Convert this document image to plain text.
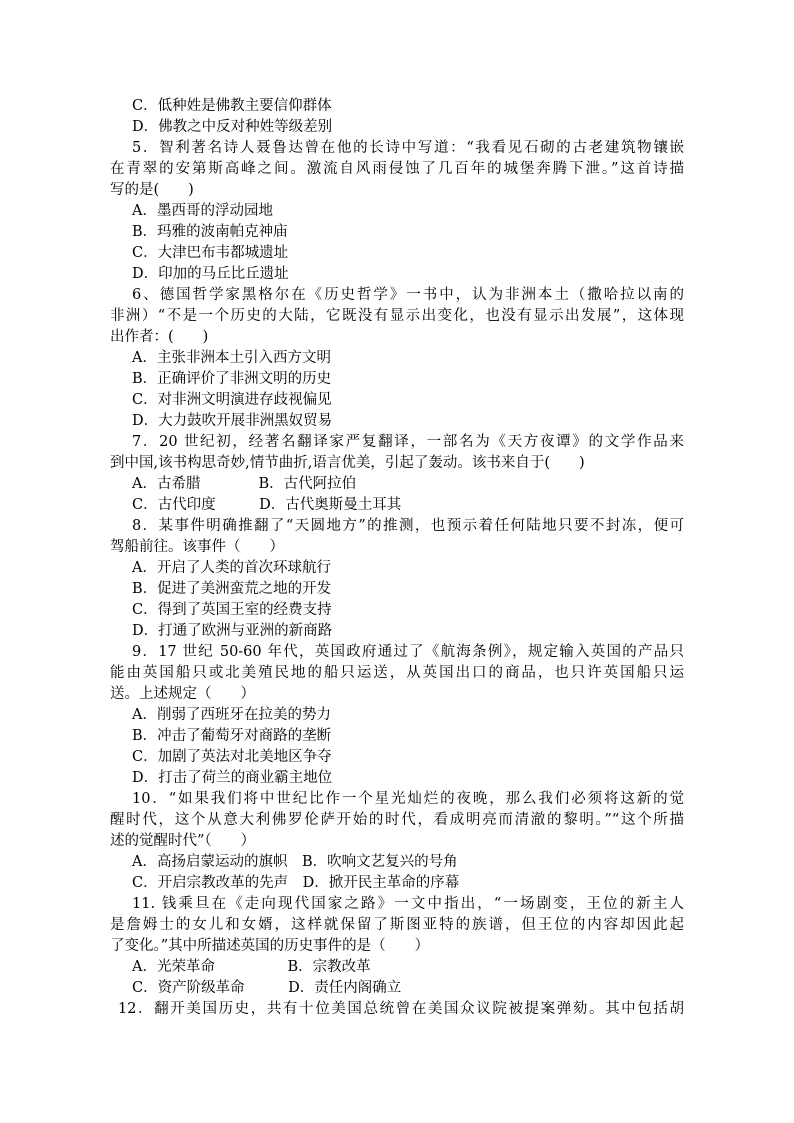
C．低种姓是佛教主要信仰群体
D．佛教之中反对种姓等级差别
5．智利著名诗人聂鲁达曾在他的长诗中写道：“我看见石砌的古老建筑物镶嵌
在青翠的安第斯高峰之间。激流自风雨侵蚀了几百年的城堡奔腾下泄。”这首诗描
写的是(　　)
A．墨西哥的浮动园地
B．玛雅的波南帕克神庙
C．大津巴布韦都城遗址
D．印加的马丘比丘遗址
6、德国哲学家黑格尔在《历史哲学》一书中，认为非洲本土（撒哈拉以南的
非洲）“不是一个历史的大陆，它既没有显示出变化，也没有显示出发展”，这体现
出作者：(　　)
A．主张非洲本土引入西方文明
B．正确评价了非洲文明的历史
C．对非洲文明演进存歧视偏见
D．大力鼓吹开展非洲黑奴贸易
7．20 世纪初，经著名翻译家严复翻译，一部名为《天方夜谭》的文学作品来
到中国,该书构思奇妙,情节曲折,语言优美，引起了轰动。该书来自于(　　)
A．古希腊　　　　B．古代阿拉伯
C．古代印度　　　D．古代奥斯曼土耳其
8．某事件明确推翻了“天圆地方”的推测，也预示着任何陆地只要不封冻，便可
驾船前往。该事件（　　）
A．开启了人类的首次环球航行
B．促进了美洲蛮荒之地的开发
C．得到了英国王室的经费支持
D．打通了欧洲与亚洲的新商路
9．17 世纪 50-60 年代，英国政府通过了《航海条例》，规定输入英国的产品只
能由英国船只或北美殖民地的船只运送，从英国出口的商品，也只许英国船只运
送。上述规定（　　）
A．削弱了西班牙在拉美的势力
B．冲击了葡萄牙对商路的垄断
C．加剧了英法对北美地区争夺
D．打击了荷兰的商业霸主地位
10．“如果我们将中世纪比作一个星光灿烂的夜晚，那么我们必须将这新的觉
醒时代，这个从意大利佛罗伦萨开始的时代，看成明亮而清澈的黎明。”“这个所描
述的觉醒时代”（　　）
A．高扬启蒙运动的旗帜　B．吹响文艺复兴的号角
C．开启宗教改革的先声　D．掀开民主革命的序幕
11. 钱乘旦在《走向现代国家之路》一文中指出，“一场剧变，王位的新主人
是詹姆士的女儿和女婿，这样就保留了斯图亚特的族谱，但王位的内容却因此起
了变化。”其中所描述英国的历史事件的是（　　）
A．光荣革命　　　　　B．宗教改革
C．资产阶级革命　　　D．责任内阁确立
12．翻开美国历史，共有十位美国总统曾在美国众议院被提案弹劾。其中包括胡
